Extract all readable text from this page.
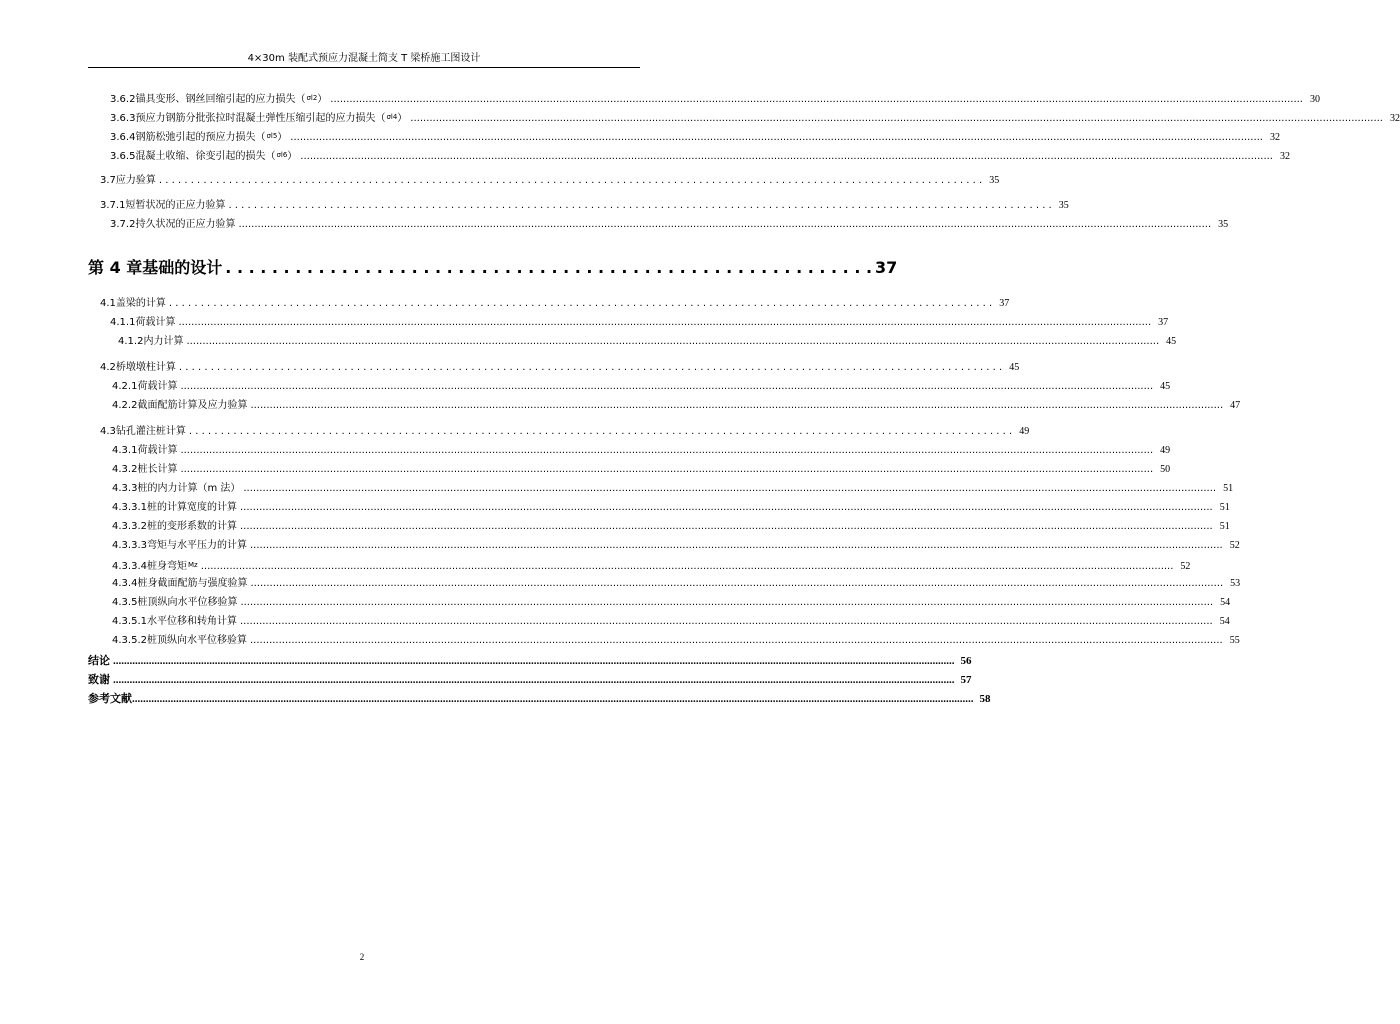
4×30m 装配式预应力混凝土简支 T 梁桥施工图设计
3.6.2 锚具变形、钢丝回缩引起的应力损失（$^{\sigma l2}$） .....	30
3.6.3 预应力钢筋分批张拉时混凝土弹性压缩引起的应力损失（$^{\sigma l4}$） .....	32
3.6.4 钢筋松弛引起的预应力损失（$^{\sigma l5}$） .....	32
3.6.5 混凝土收缩、徐变引起的损失（$^{\sigma l6}$） .....	32
3.7 应力验算 . . .	35
3.7.1 短暂状况的正应力验算 . . .	35
3.7.2 持久状况的正应力验算 .....	35
第 4 章 基础的设计 . . .	37
4.1 盖梁的计算 . . .	37
4.1.1 荷载计算 .....	37
4.1.2 内力计算 .....	45
4.2 桥墩墩柱计算 . . .	45
4.2.1 荷载计算 .....	45
4.2.2 截面配筋计算及应力验算 .....	47
4.3 钻孔灌注桩计算 . . .	49
4.3.1 荷载计算 .....	49
4.3.2 桩长计算 .....	50
4.3.3 桩的内力计算（m 法） .....	51
4.3.3.1 桩的计算宽度的计算 .....	51
4.3.3.2 桩的变形系数的计算 .....	51
4.3.3.3 弯矩与水平压力的计算 .....	52
4.3.3.4 桩身弯矩$^{Mz}$ .....	52
4.3.4 桩身截面配筋与强度验算 .....	53
4.3.5 桩顶纵向水平位移验算 .....	54
4.3.5.1 水平位移和转角计算 .....	54
4.3.5.2 桩顶纵向水平位移验算 .....	55
结论 .....	56
致谢 .....	57
参考文献 .....	58
2
